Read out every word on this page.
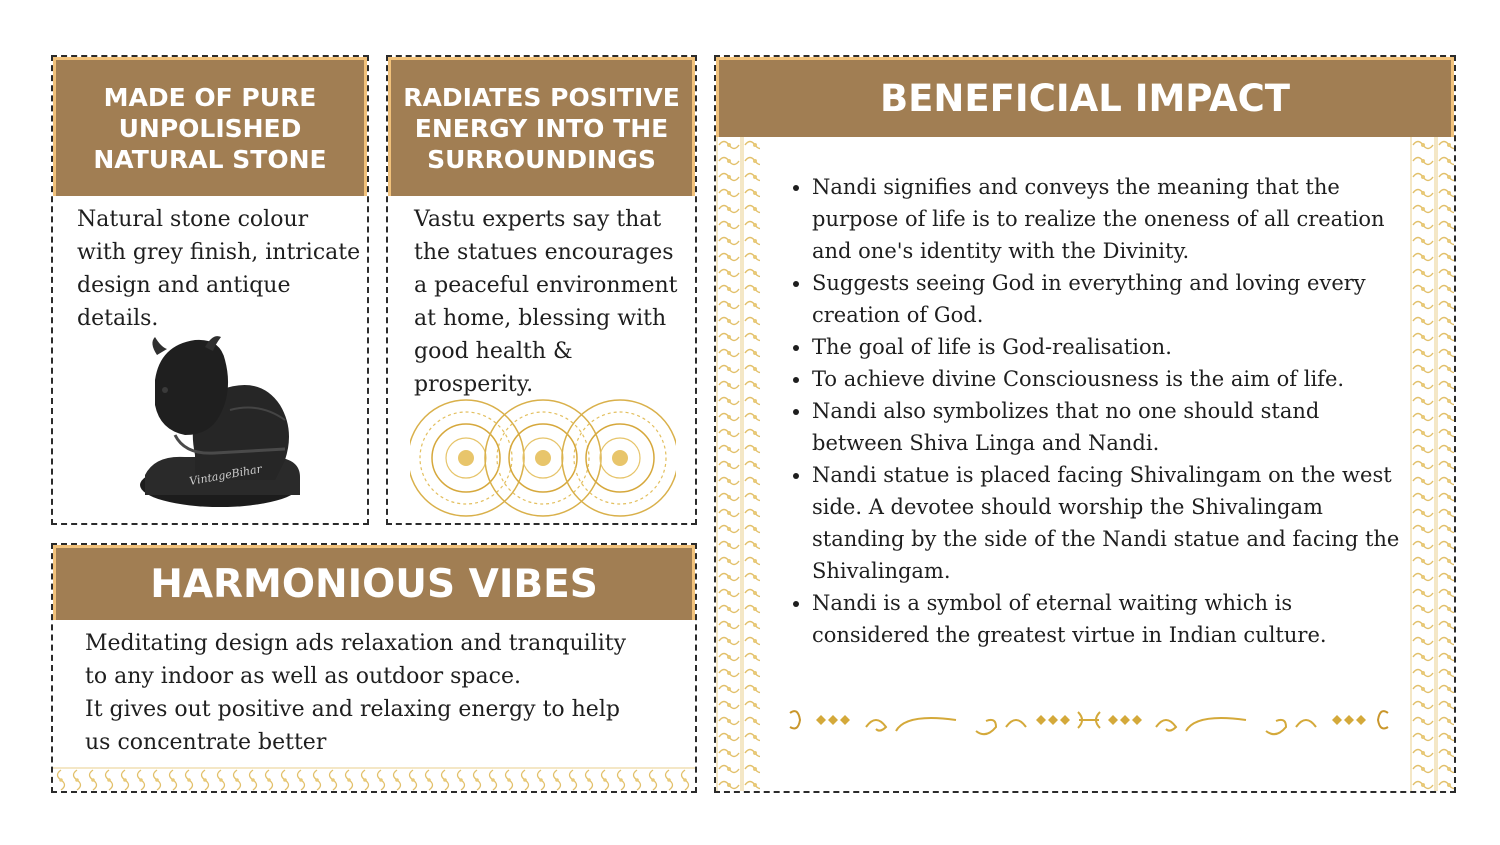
MADE OF PURE
UNPOLISHED
NATURAL STONE
Natural stone colour with grey finish, intricate design and antique details.
VintageBihar
RADIATES POSITIVE
ENERGY INTO THE
SURROUNDINGS
Vastu experts say that the statues encourages a peaceful environment at home, blessing with good health & prosperity.
HARMONIOUS VIBES
Meditating design ads relaxation and tranquility to any indoor as well as outdoor space.
It gives out positive and relaxing energy to help us concentrate better
BENEFICIAL IMPACT
• Nandi signifies and conveys the meaning that the purpose of life is to realize the oneness of all creation and one's identity with the Divinity.
• Suggests seeing God in everything and loving every creation of God.
• The goal of life is God-realisation.
• To achieve divine Consciousness is the aim of life.
• Nandi also symbolizes that no one should stand between Shiva Linga and Nandi.
• Nandi statue is placed facing Shivalingam on the west side. A devotee should worship the Shivalingam standing by the side of the Nandi statue and facing the Shivalingam.
• Nandi is a symbol of eternal waiting which is considered the greatest virtue in Indian culture.
